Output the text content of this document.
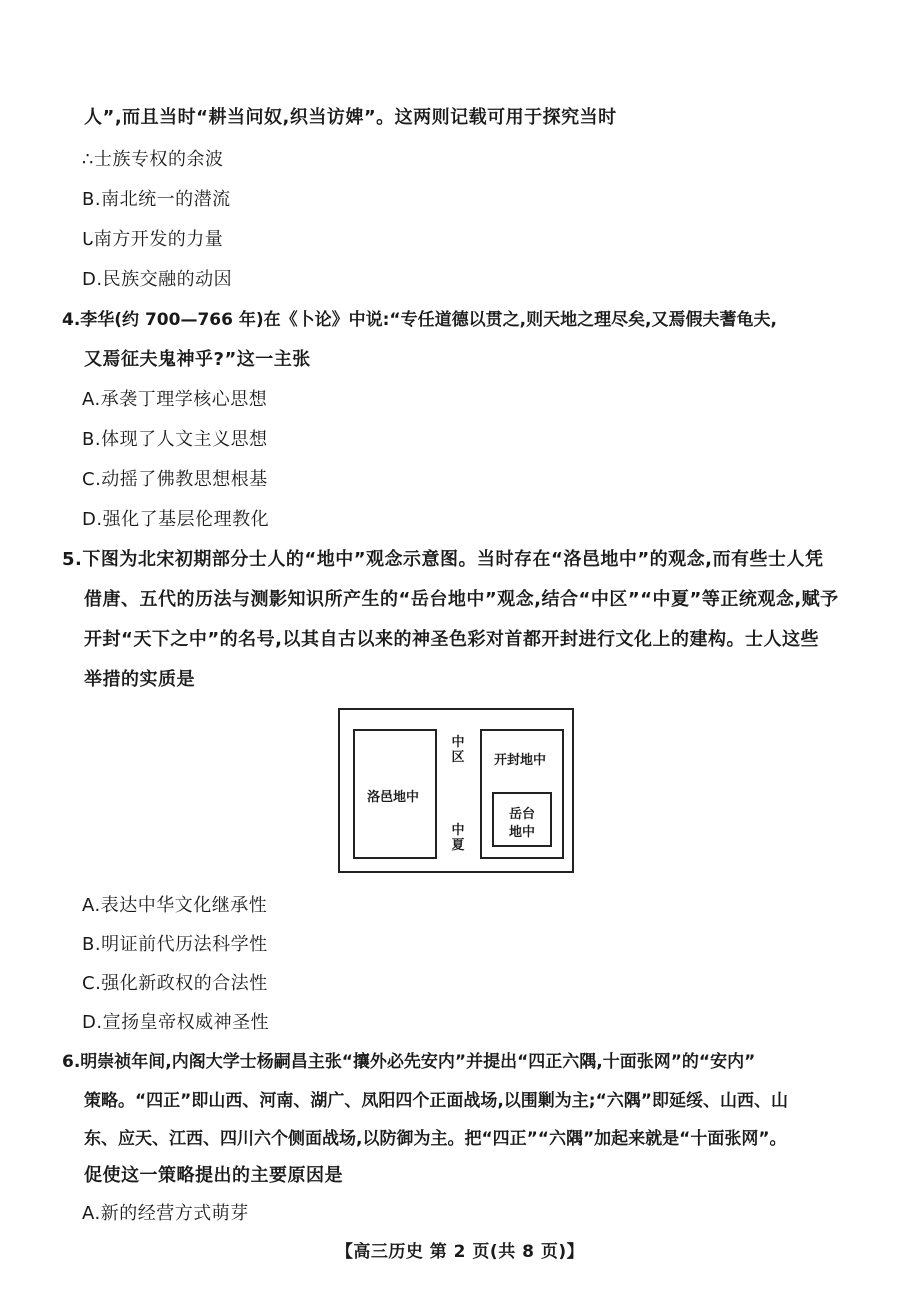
人”,而且当时“耕当问奴,织当访婢”。这两则记载可用于探究当时
∴士族专权的余波
B.南北统一的潜流
ᒐ南方开发的力量
D.民族交融的动因
4.李华(约 700—766 年)在《卜论》中说:“专任道德以贯之,则天地之理尽矣,又焉假夫蓍龟夫,
又焉征夫鬼神乎?”这一主张
A.承袭丁理学核心思想
B.体现了人文主义思想
C.动摇了佛教思想根基
D.强化了基层伦理教化
5.下图为北宋初期部分士人的“地中”观念示意图。当时存在“洛邑地中”的观念,而有些士人凭
借唐、五代的历法与测影知识所产生的“岳台地中”观念,结合“中区”“中夏”等正统观念,赋予
开封“天下之中”的名号,以其自古以来的神圣色彩对首都开封进行文化上的建构。士人这些
举措的实质是
洛邑地中
中区
中夏
开封地中
岳台
地中
A.表达中华文化继承性
B.明证前代历法科学性
C.强化新政权的合法性
D.宣扬皇帝权威神圣性
6.明崇祯年间,内阁大学士杨嗣昌主张“攘外必先安内”并提出“四正六隅,十面张网”的“安内”
策略。“四正”即山西、河南、湖广、凤阳四个正面战场,以围剿为主;“六隅”即延绥、山西、山
东、应天、江西、四川六个侧面战场,以防御为主。把“四正”“六隅”加起来就是“十面张网”。
促使这一策略提出的主要原因是
A.新的经营方式萌芽
【高三历史 第 2 页(共 8 页)】
